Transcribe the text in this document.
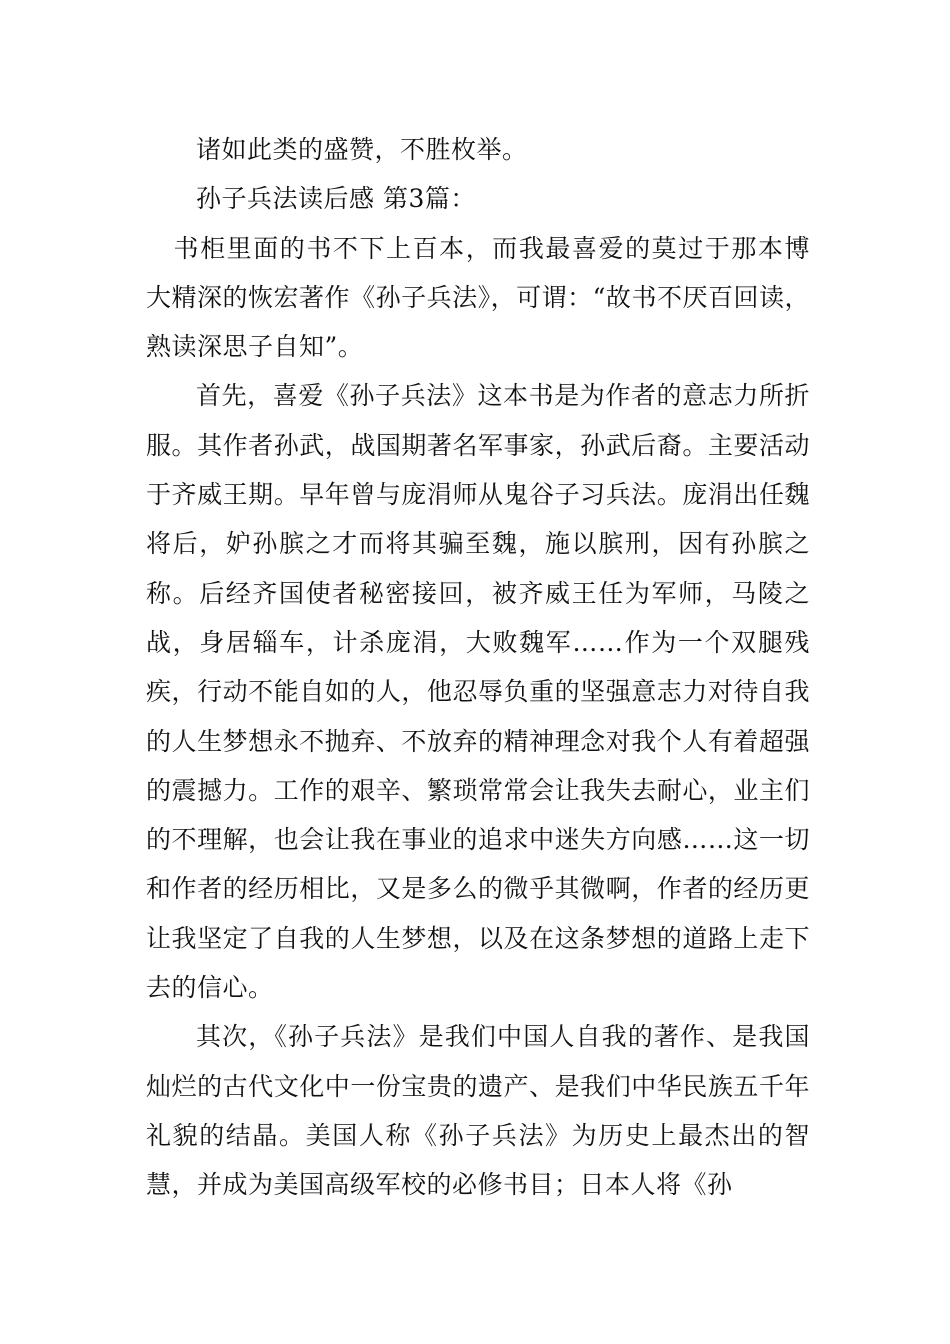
诸如此类的盛赞，不胜枚举。

孙子兵法读后感 第3篇：

书柜里面的书不下上百本，而我最喜爱的莫过于那本博大精深的恢宏著作《孙子兵法》，可谓：“故书不厌百回读，熟读深思子自知”。

首先，喜爱《孙子兵法》这本书是为作者的意志力所折服。其作者孙武，战国期著名军事家，孙武后裔。主要活动于齐威王期。早年曾与庞涓师从鬼谷子习兵法。庞涓出任魏将后，妒孙膑之才而将其骗至魏，施以膑刑，因有孙膑之称。后经齐国使者秘密接回，被齐威王任为军师，马陵之战，身居辎车，计杀庞涓，大败魏军……作为一个双腿残疾，行动不能自如的人，他忍辱负重的坚强意志力对待自我的人生梦想永不抛弃、不放弃的精神理念对我个人有着超强的震撼力。工作的艰辛、繁琐常常会让我失去耐心，业主们的不理解，也会让我在事业的追求中迷失方向感……这一切和作者的经历相比，又是多么的微乎其微啊，作者的经历更让我坚定了自我的人生梦想，以及在这条梦想的道路上走下去的信心。

其次，《孙子兵法》是我们中国人自我的著作、是我国灿烂的古代文化中一份宝贵的遗产、是我们中华民族五千年礼貌的结晶。美国人称《孙子兵法》为历史上最杰出的智慧，并成为美国高级军校的必修书目；日本人将《孙
